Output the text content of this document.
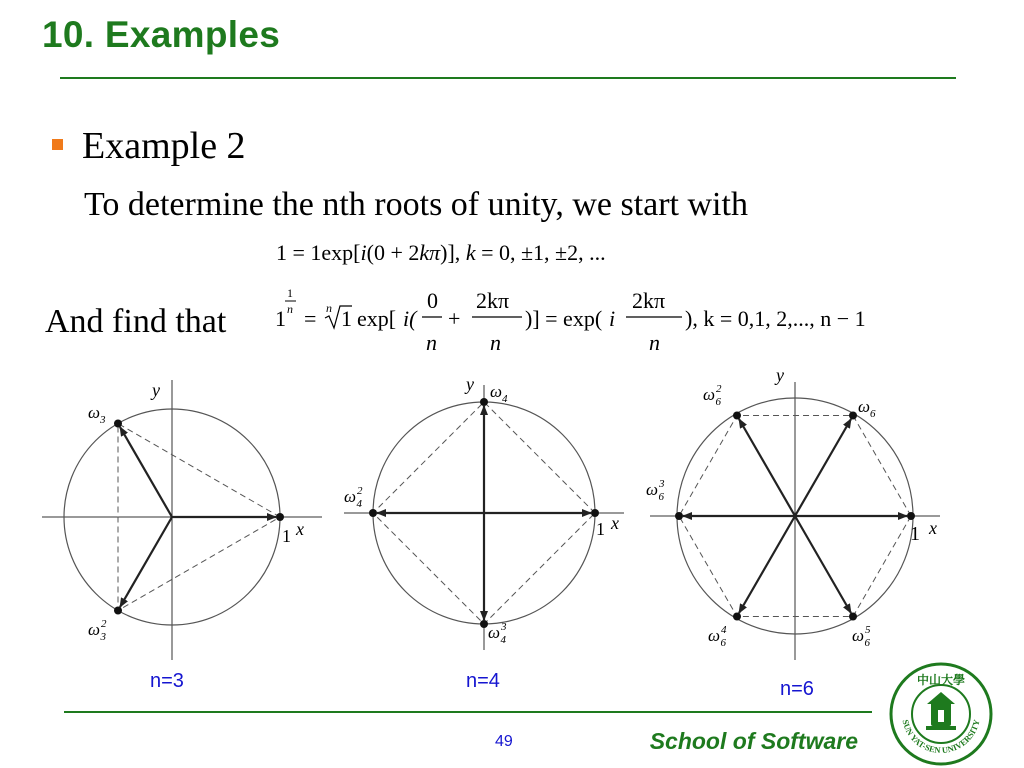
10. Examples
Example 2
To determine the nth roots of unity, we start with
1 = 1exp[i(0 + 2kπ)], k = 0, ±1, ±2, ...
And find that 1
1
n = n 1 exp[ i(
0
n
+
2kπ
n
)] = exp( i
2kπ
n
), k = 0,1, 2,..., n − 1
y
1 x
$\omega_3$
$\omega^2$ 3
y
1 x
$\omega_4$
$\omega^2$ 4
$\omega^3$ 4
y
1 x
$\omega_6$
$\omega^2$ 6
$\omega^3$ 6
$\omega^4$ 6	$\omega^5$ 6
n=3	n=4	n=6
49	School of Software
中山大學
SUN YAT-SEN UNIVERSITY
